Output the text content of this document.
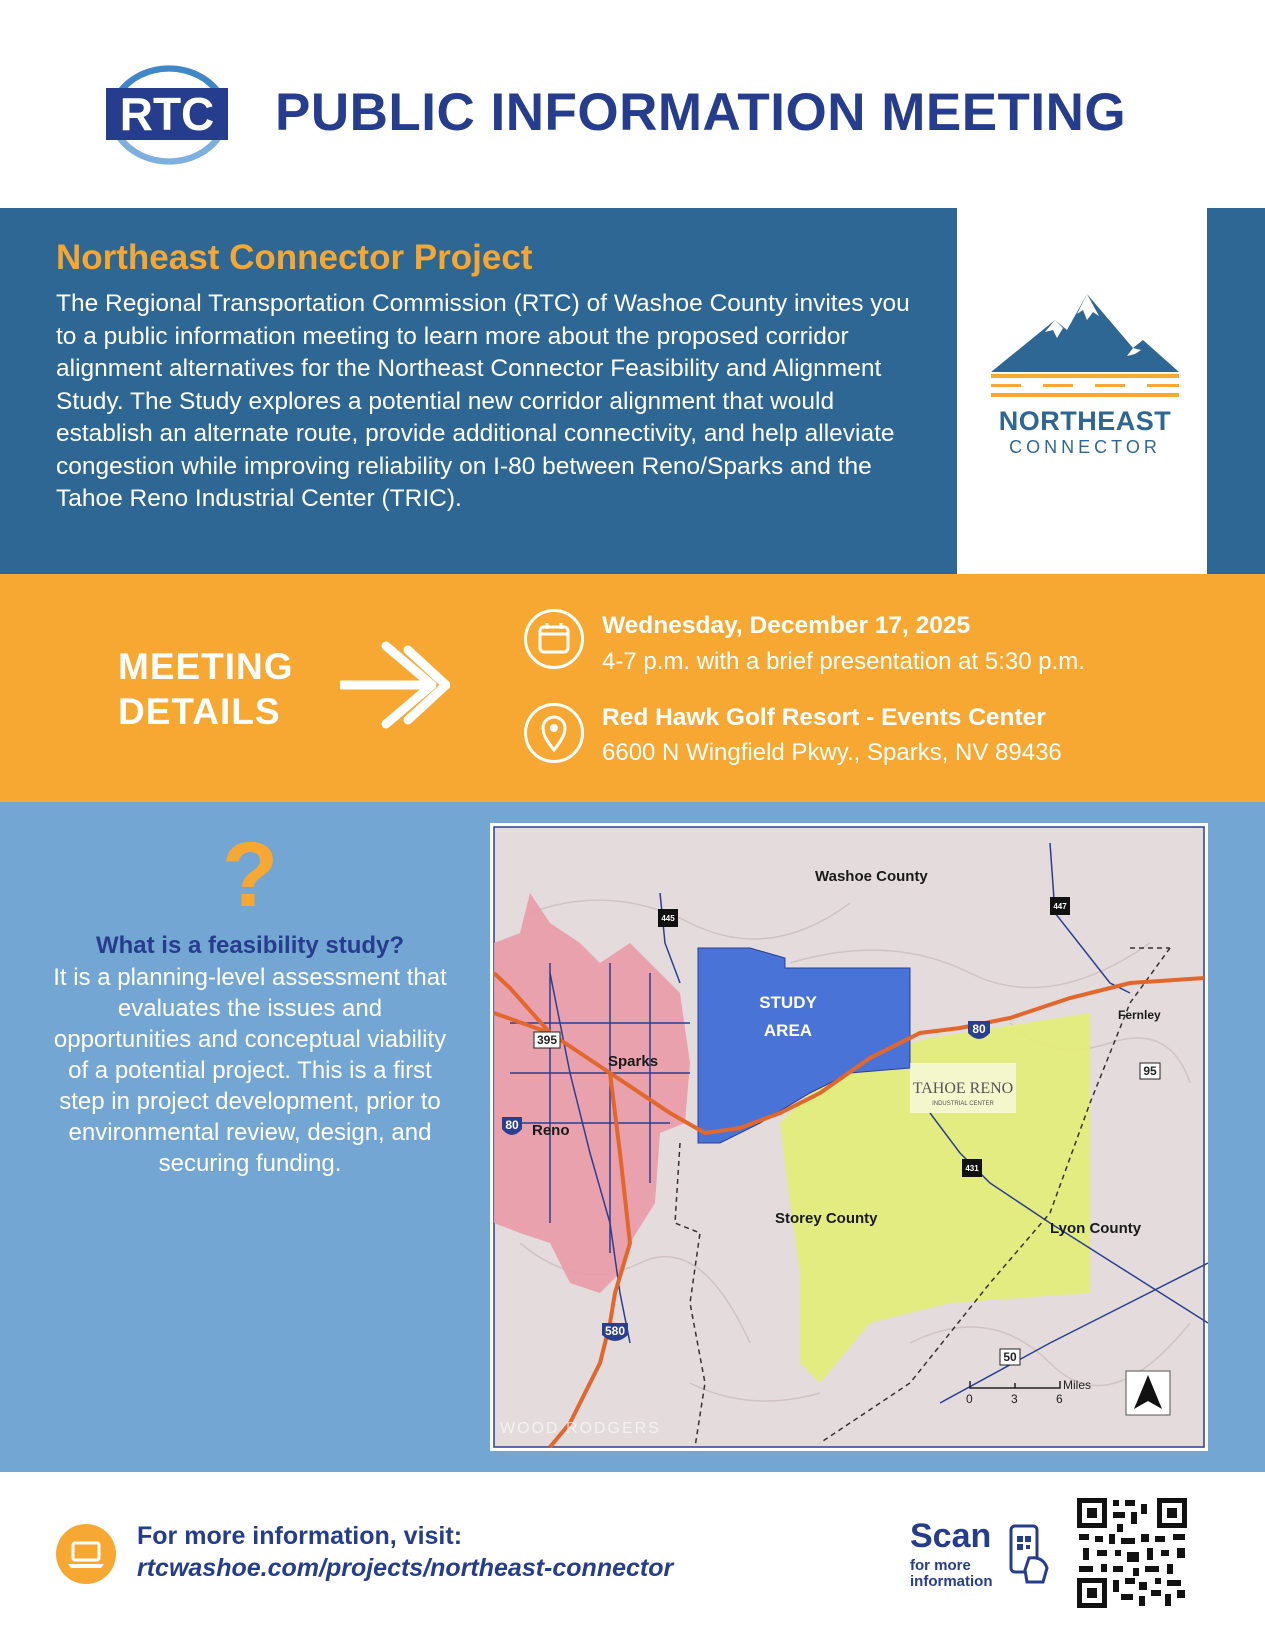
RTC PUBLIC INFORMATION MEETING
Northeast Connector Project
The Regional Transportation Commission (RTC) of Washoe County invites you to a public information meeting to learn more about the proposed corridor alignment alternatives for the Northeast Connector Feasibility and Alignment Study. The Study explores a potential new corridor alignment that would establish an alternate route, provide additional connectivity, and help alleviate congestion while improving reliability on I-80 between Reno/Sparks and the Tahoe Reno Industrial Center (TRIC).
NORTHEAST
CONNECTOR
MEETING
DETAILS
Wednesday, December 17, 2025
4-7 p.m. with a brief presentation at 5:30 p.m.
Red Hawk Golf Resort - Events Center
6600 N Wingfield Pkwy., Sparks, NV 89436
?
What is a feasibility study?
It is a planning-level assessment that evaluates the issues and opportunities and conceptual viability of a potential project. This is a first step in project development, prior to environmental review, design, and securing funding.
Washoe County
Storey County
Lyon County
Sparks
Reno
Fernley
STUDY
AREA
TAHOE RENO
INDUSTRIAL CENTER
WOOD RODGERS
80
80
580
395
95
50
445
447
431
0	3	6
Miles
For more information, visit:
rtcwashoe.com/projects/northeast-connector
Scan
for more information
